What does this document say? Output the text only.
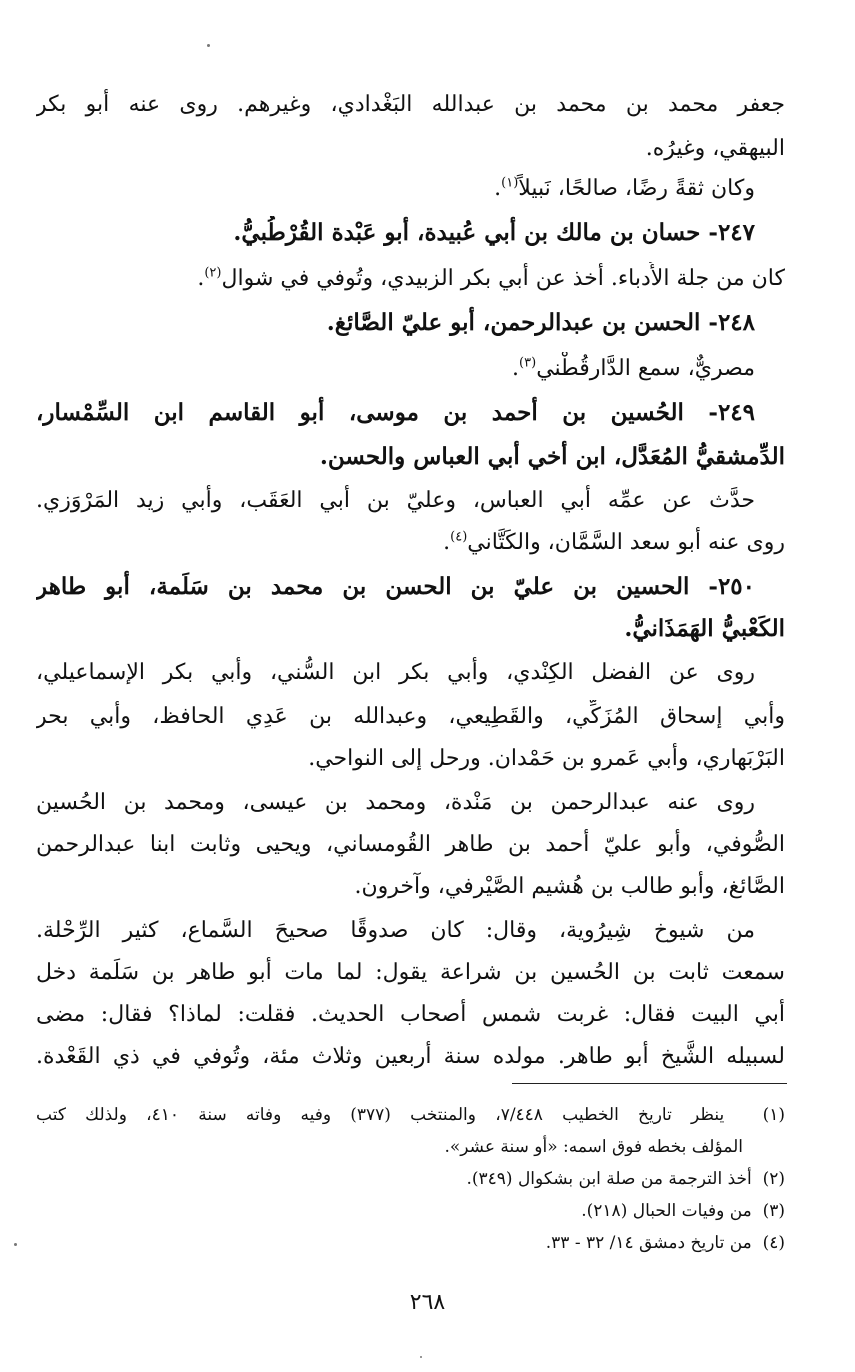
جعفر محمد بن محمد بن عبدالله البَغْدادي، وغيرهم. روى عنه أبو بكر
البيهقي، وغيرُه.
وكان ثقةً رضًا، صالحًا، نَبيلاً$^{(١)}$.
٢٤٧- حسان بن مالك بن أبي عُبيدة، أبو عَبْدة القُرْطُبيُّ.
كان من جلة الأُدباء. أخذ عن أبي بكر الزبيدي، وتُوفي في شوال$^{(٢)}$.
٢٤٨- الحسن بن عبدالرحمن، أبو عليّ الصَّائغ.
مصريٌّ، سمع الدَّارقُطْني$^{(٣)}$.
٢٤٩- الحُسين بن أحمد بن موسى، أبو القاسم ابن السِّمْسار،
الدِّمشقيُّ المُعَدَّل، ابن أخي أبي العباس والحسن.
حدَّث عن عمِّه أبي العباس، وعليّ بن أبي العَقَب، وأبي زيد المَرْوَزي.
روى عنه أبو سعد السَّمَّان، والكَتَّاني$^{(٤)}$.
٢٥٠- الحسين بن عليّ بن الحسن بن محمد بن سَلَمة، أبو طاهر
الكَعْبيُّ الهَمَذَانيُّ.
روى عن الفضل الكِنْدي، وأبي بكر ابن السُّني، وأبي بكر الإسماعيلي،
وأبي إسحاق المُزَكِّي، والقَطِيعي، وعبدالله بن عَدِي الحافظ، وأبي بحر
البَرْبَهاري، وأبي عَمرو بن حَمْدان. ورحل إلى النواحي.
روى عنه عبدالرحمن بن مَنْدة، ومحمد بن عيسى، ومحمد بن الحُسين
الصُّوفي، وأبو عليّ أحمد بن طاهر القُومساني، ويحيى وثابت ابنا عبدالرحمن
الصَّائغ، وأبو طالب بن هُشيم الصَّيْرفي، وآخرون.
من شيوخ شِيرُوية، وقال: كان صدوقًا صحيحَ السَّماع، كثير الرِّحْلة.
سمعت ثابت بن الحُسين بن شراعة يقول: لما مات أبو طاهر بن سَلَمة دخل
أبي البيت فقال: غربت شمس أصحاب الحديث. فقلت: لماذا؟ فقال: مضى
لسبيله الشَّيخ أبو طاهر. مولده سنة أربعين وثلاث مئة، وتُوفي في ذي القَعْدة.
(١)  ينظر تاريخ الخطيب ٧/٤٤٨، والمنتخب (٣٧٧) وفيه وفاته سنة ٤١٠، ولذلك كتب
المؤلف بخطه فوق اسمه: «أو سنة عشر».
(٢)  أخذ الترجمة من صلة ابن بشكوال (٣٤٩).
(٣)  من وفيات الحبال (٢١٨).
(٤)  من تاريخ دمشق ١٤/ ٣٢ - ٣٣.
٢٦٨
